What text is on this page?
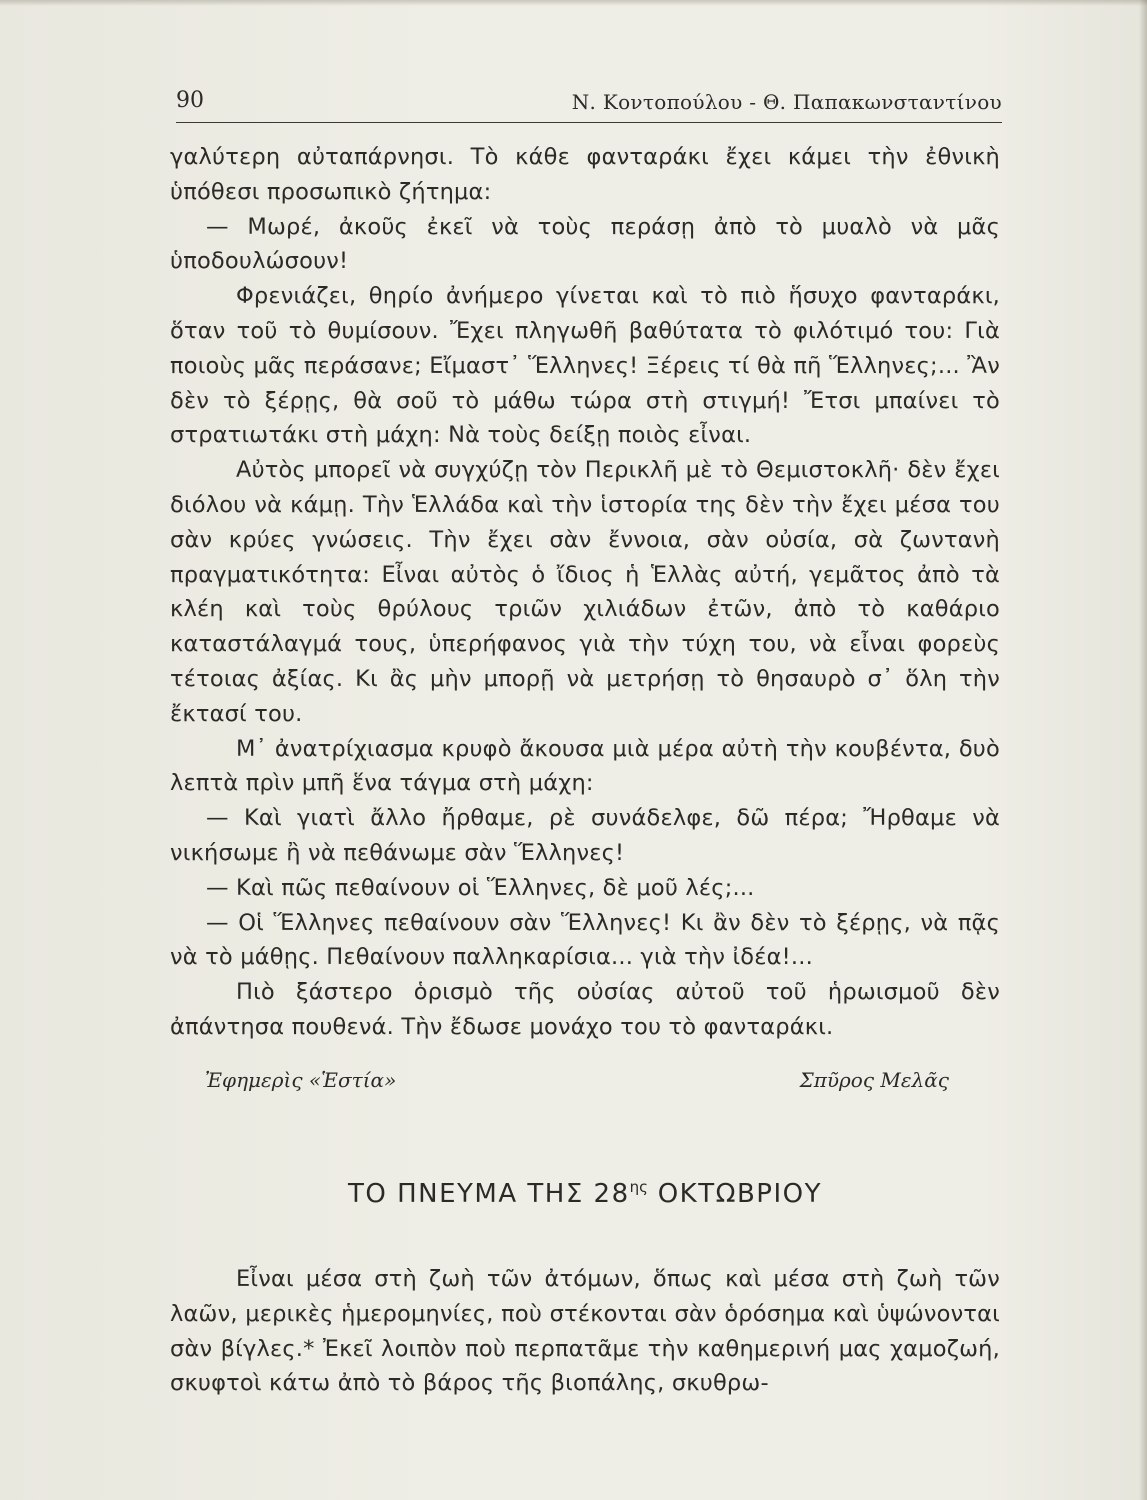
90	Ν. Κοντοπούλου - Θ. Παπακωνσταντίνου

γαλύτερη αὐταπάρνησι. Τὸ κάθε φανταράκι ἔχει κάμει τὴν ἐθνικὴ ὑπόθεσι προσωπικὸ ζήτημα:

— Μωρέ, ἀκοῦς ἐκεῖ νὰ τοὺς περάσῃ ἀπὸ τὸ μυαλὸ νὰ μᾶς ὑποδουλώσουν!

Φρενιάζει, θηρίο ἀνήμερο γίνεται καὶ τὸ πιὸ ἥσυχο φανταράκι, ὅταν τοῦ τὸ θυμίσουν. Ἔχει πληγωθῆ βαθύτατα τὸ φιλότιμό του: Γιὰ ποιοὺς μᾶς περάσανε; Εἴμαστ᾽ Ἕλληνες! Ξέρεις τί θὰ πῆ Ἕλληνες;... Ἂν δὲν τὸ ξέρῃς, θὰ σοῦ τὸ μάθω τώρα στὴ στιγμή! Ἔτσι μπαίνει τὸ στρατιωτάκι στὴ μάχη: Νὰ τοὺς δείξῃ ποιὸς εἶναι.

Αὐτὸς μπορεῖ νὰ συγχύζῃ τὸν Περικλῆ μὲ τὸ Θεμιστοκλῆ· δὲν ἔχει διόλου νὰ κάμῃ. Τὴν Ἑλλάδα καὶ τὴν ἱστορία της δὲν τὴν ἔχει μέσα του σὰν κρύες γνώσεις. Τὴν ἔχει σὰν ἔννοια, σὰν οὐσία, σὰ ζωντανὴ πραγματικότητα: Εἶναι αὐτὸς ὁ ἴδιος ἡ Ἑλλὰς αὐτή, γεμᾶτος ἀπὸ τὰ κλέη καὶ τοὺς θρύλους τριῶν χιλιάδων ἐτῶν, ἀπὸ τὸ καθάριο καταστάλαγμά τους, ὑπερήφανος γιὰ τὴν τύχη του, νὰ εἶναι φορεὺς τέτοιας ἀξίας. Κι ἂς μὴν μπορῇ νὰ μετρήσῃ τὸ θησαυρὸ σ᾽ ὅλη τὴν ἔκτασί του.

Μ᾽ ἀνατρίχιασμα κρυφὸ ἄκουσα μιὰ μέρα αὐτὴ τὴν κουβέντα, δυὸ λεπτὰ πρὶν μπῆ ἕνα τάγμα στὴ μάχη:

— Καὶ γιατὶ ἄλλο ἤρθαμε, ρὲ συνάδελφε, δῶ πέρα; Ἤρθαμε νὰ νικήσωμε ἢ νὰ πεθάνωμε σὰν Ἕλληνες!

— Καὶ πῶς πεθαίνουν οἱ Ἕλληνες, δὲ μοῦ λές;...

— Οἱ Ἕλληνες πεθαίνουν σὰν Ἕλληνες! Κι ἂν δὲν τὸ ξέρῃς, νὰ πᾷς νὰ τὸ μάθῃς. Πεθαίνουν παλληκαρίσια... γιὰ τὴν ἰδέα!...

Πιὸ ξάστερο ὁρισμὸ τῆς οὐσίας αὐτοῦ τοῦ ἡρωισμοῦ δὲν ἀπάντησα πουθενά. Τὴν ἔδωσε μονάχο του τὸ φανταράκι.

Ἐφημερὶς «Ἑστία»	Σπῦρος Μελᾶς
ΤΟ ΠΝΕΥΜΑ ΤΗΣ $28^{\eta\varsigma}$ ΟΚΤΩΒΡΙΟΥ

Εἶναι μέσα στὴ ζωὴ τῶν ἀτόμων, ὅπως καὶ μέσα στὴ ζωὴ τῶν λαῶν, μερικὲς ἡμερομηνίες, ποὺ στέκονται σὰν ὁρόσημα καὶ ὑψώνονται σὰν βίγλες.* Ἐκεῖ λοιπὸν ποὺ περπατᾶμε τὴν καθημερινή μας χαμοζωή, σκυφτοὶ κάτω ἀπὸ τὸ βάρος τῆς βιοπάλης, σκυθρω-
